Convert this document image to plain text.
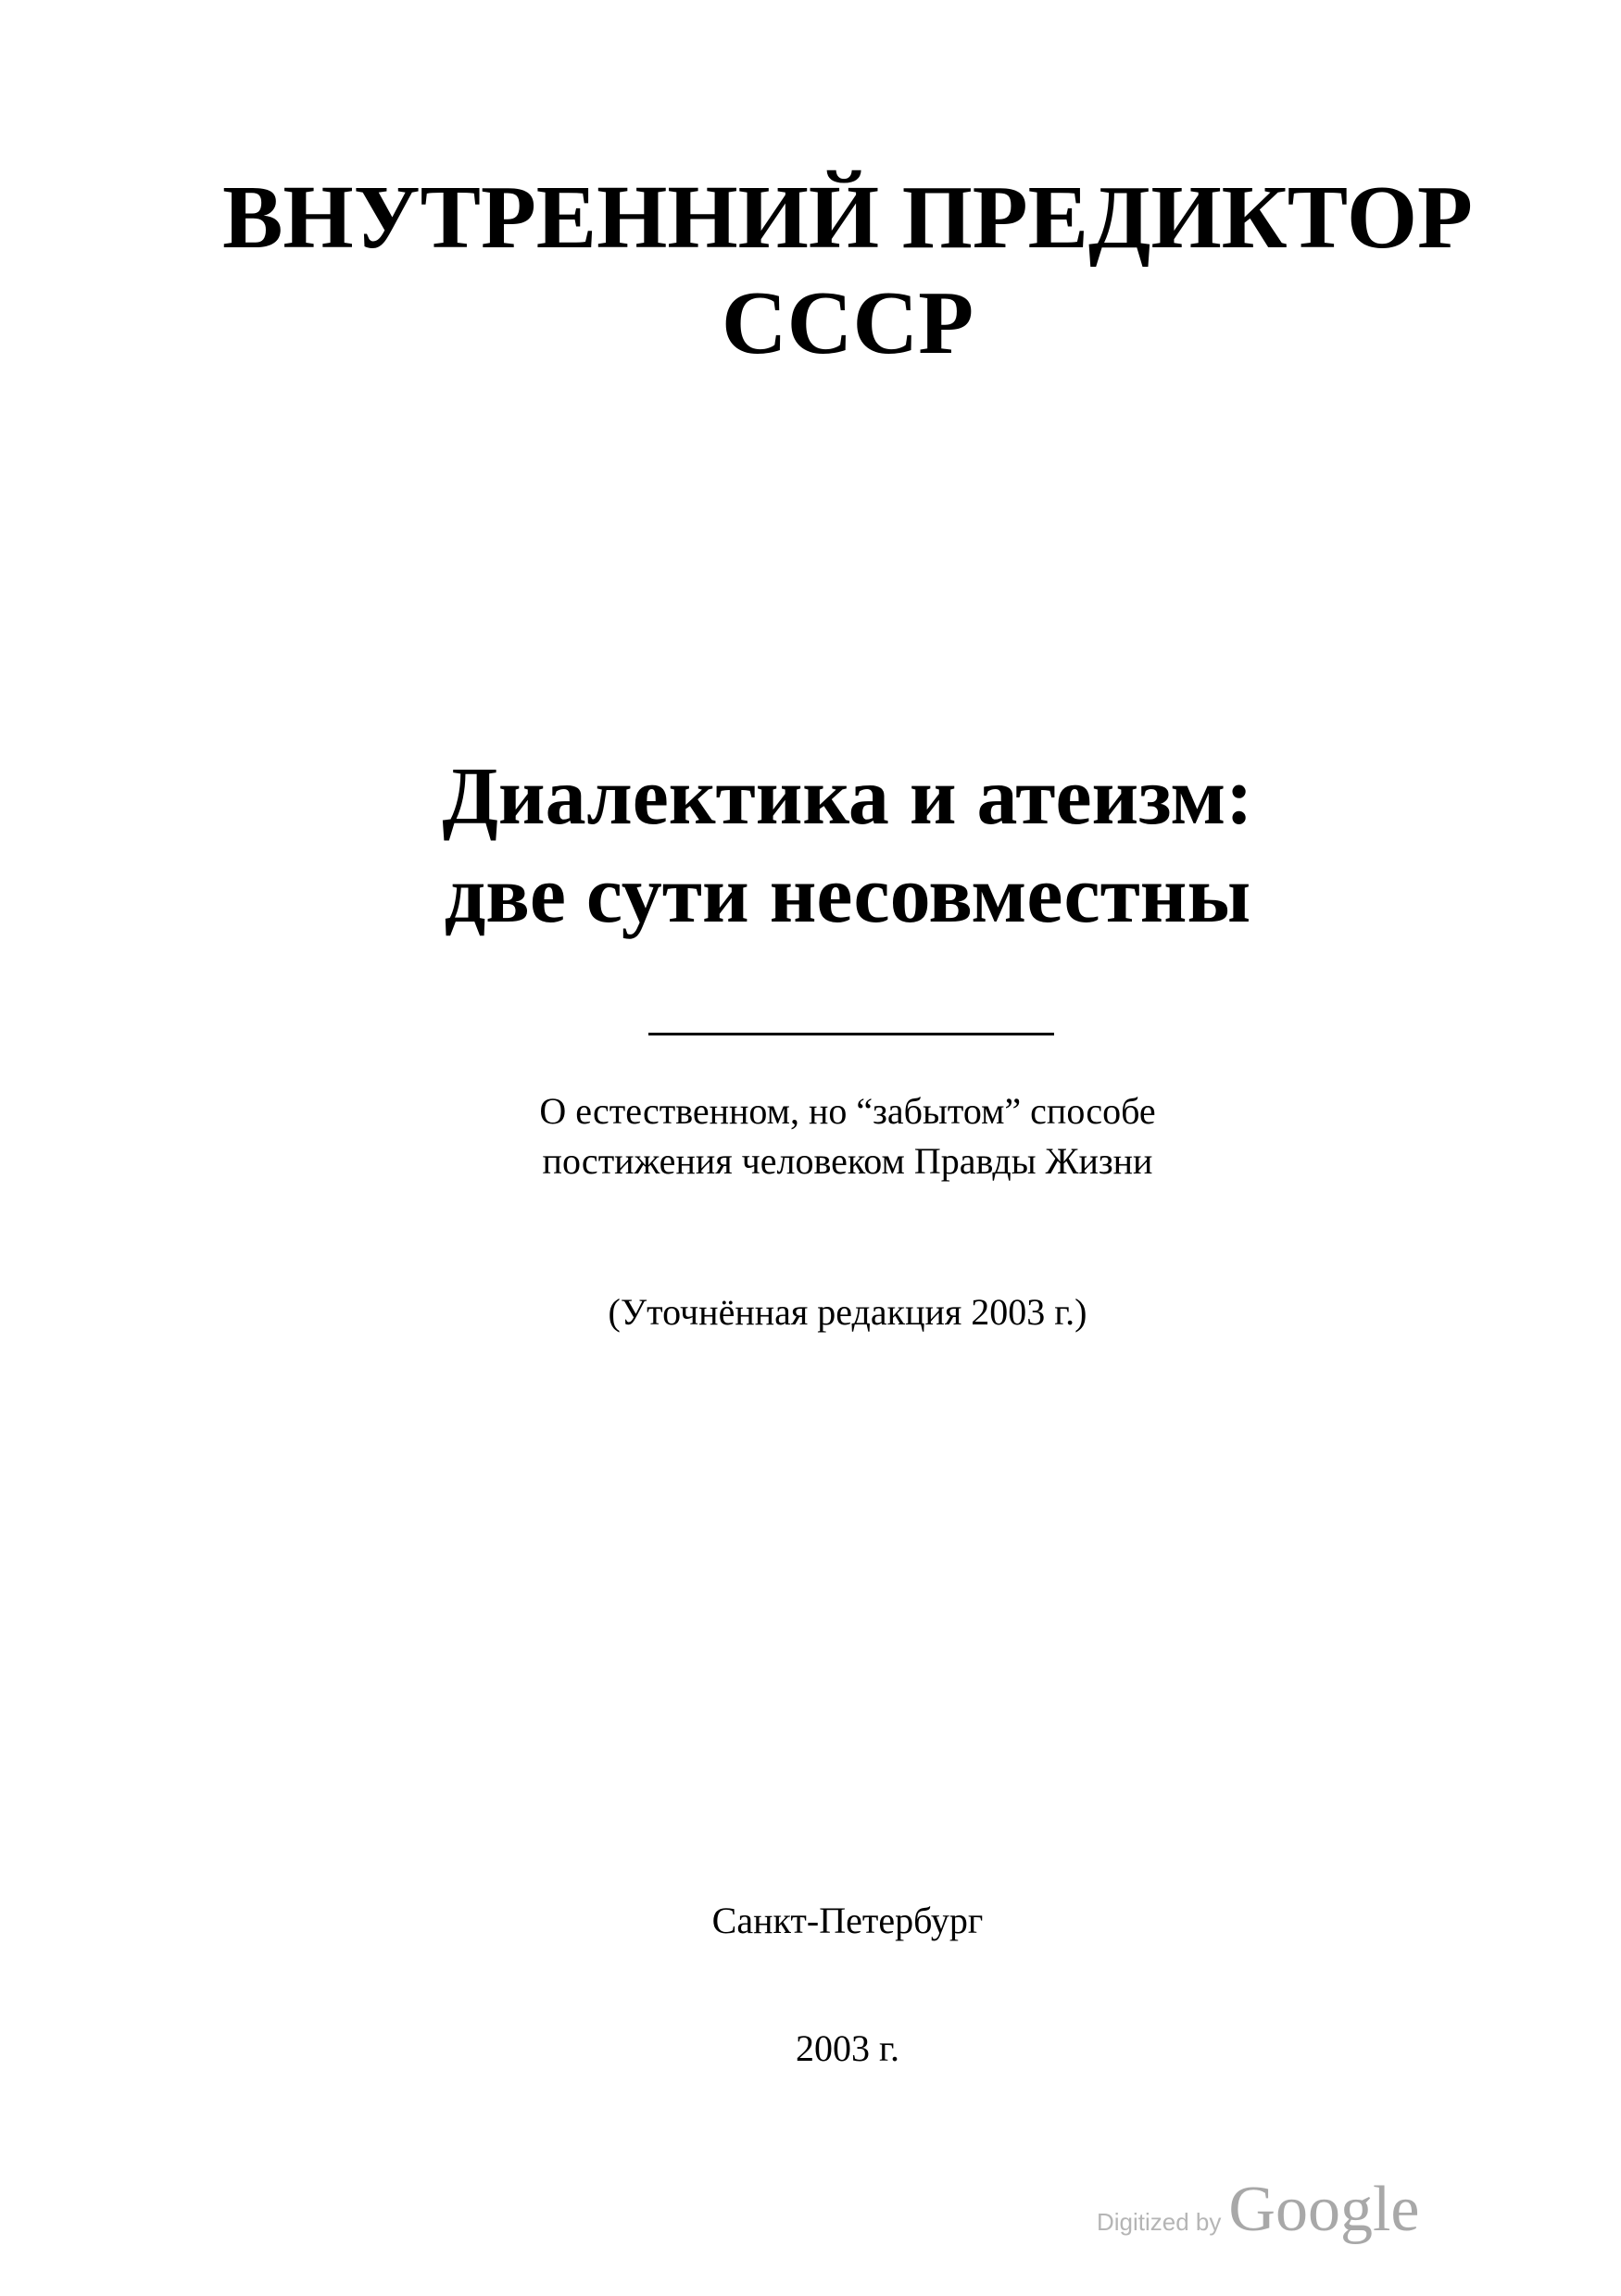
ВНУТРЕННИЙ ПРЕДИКТОР
СССР
Диалектика и атеизм:
две сути несовместны
О естественном, но “забытом” способе
постижения человеком Правды Жизни
(Уточнённая редакция 2003 г.)
Санкт-Петербург
2003 г.
Digitized by Google
